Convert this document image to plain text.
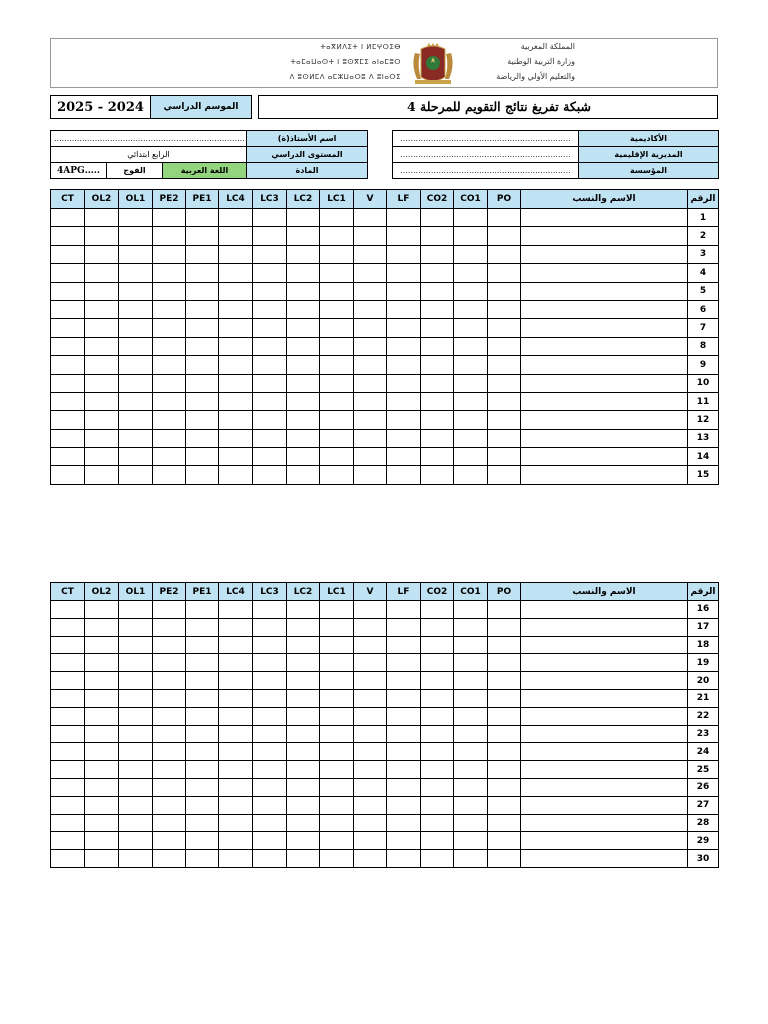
ⵜⴰⴳⵍⴷⵉⵜ ⵏ ⵍⵎⵖⵔⵉⴱ
ⵜⴰⵎⴰⵡⴰⵙⵜ ⵏ ⵓⵙⴳⵎⵉ ⴰⵏⴰⵎⵓⵔ
ⴷ ⵓⵙⵍⵎⴷ ⴰⵎⵣⵡⴰⵔⵓ ⴷ ⵓⵏⴰⵔⵉ
المملكة المغربية
وزارة التربية الوطنية
والتعليم الأولي والرياضة
2025 - 2024	الموسم الدراسي	شبكة تفريغ نتائج التقويم للمرحلة 4
...........................................................................			اسم الأستاذ(ة)
الرابع ابتدائي			المستوى الدراسي
4APG…..	الفوج	اللغة العربية	المادة
...................................................................	الأكاديمية
...................................................................	المديرية الإقليمية
...................................................................	المؤسسة
CT	OL2	OL1	PE2	PE1	LC4	LC3	LC2	LC1	V	LF	CO2	CO1	PO	الاسم والنسب	الرقم
															1
															2
															3
															4
															5
															6
															7
															8
															9
															10
															11
															12
															13
															14
															15
CT	OL2	OL1	PE2	PE1	LC4	LC3	LC2	LC1	V	LF	CO2	CO1	PO	الاسم والنسب	الرقم
															16
															17
															18
															19
															20
															21
															22
															23
															24
															25
															26
															27
															28
															29
															30
